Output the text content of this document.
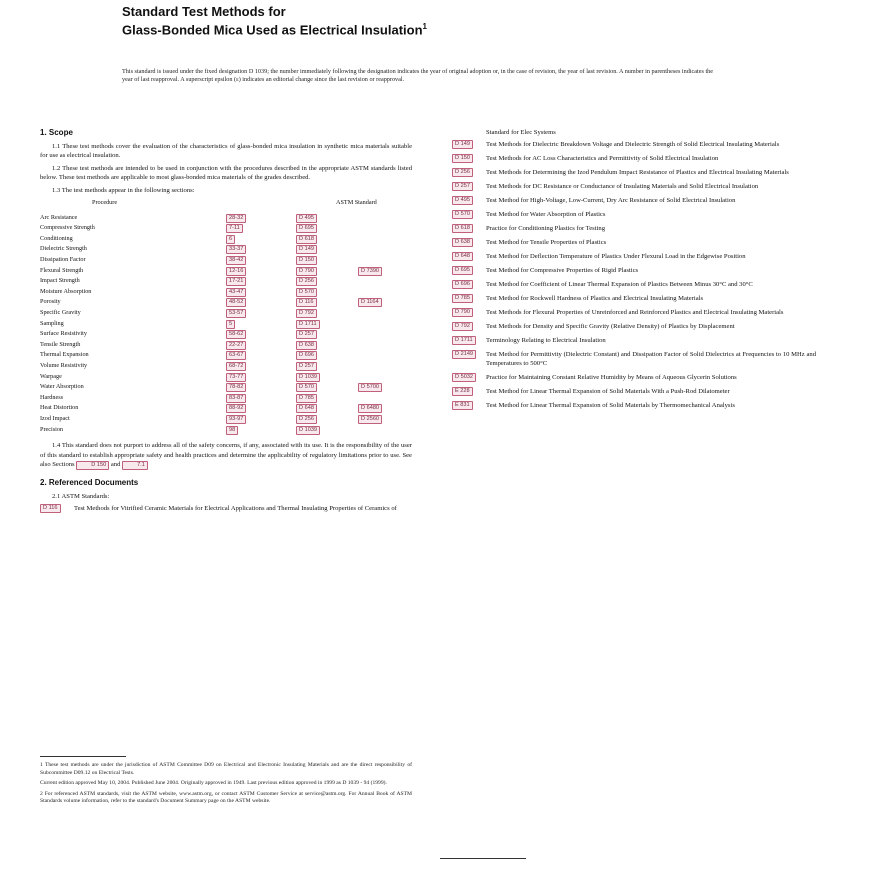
Standard Test Methods for
Glass-Bonded Mica Used as Electrical Insulation$^1$
This standard is issued under the fixed designation D 1039; the number immediately following the designation indicates the year of original adoption or, in the case of revision, the year of last revision. A number in parentheses indicates the year of last reapproval. A superscript epsilon (ε) indicates an editorial change since the last revision or reapproval.
1. Scope

1.1 These test methods cover the evaluation of the characteristics of glass-bonded mica insulation in synthetic mica materials suitable for use as electrical insulation.

1.2 These test methods are intended to be used in conjunction with the procedures described in the appropriate ASTM standards listed below. These test methods are applicable to most glass-bonded mica materials of the grades described.

1.3 The test methods appear in the following sections:

Procedure	ASTM Standard
Arc Resistance	28-32	D 495
Compressive Strength	7-11	D 695
Conditioning	6	D 618
Dielectric Strength	33-37	D 149
Dissipation Factor	38-42	D 150
Flexural Strength	12-16	D 790	D 7390
Impact Strength	17-21	D 256
Moisture Absorption	43-47	D 570
Porosity	48-52	D 116	D 1164
Specific Gravity	53-57	D 792
Sampling	5	D 1711
Surface Resistivity	58-62	D 257
Tensile Strength	22-27	D 638
Thermal Expansion	63-67	D 696
Volume Resistivity	68-72	D 257
Warpage	73-77	D 1039
Water Absorption	78-82	D 570	D 5700
Hardness	83-87	D 785
Heat Distortion	88-92	D 648	D 6480
Izod Impact	93-97	D 256	D 2560
Precision	98	D 1039

1.4 This standard does not purport to address all of the safety concerns, if any, associated with its use. It is the responsibility of the user of this standard to establish appropriate safety and health practices and determine the applicability of regulatory limitations prior to use. See also Sections	D 150 and	7.1

2. Referenced Documents

2.1 ASTM Standards:

D 116	Test Methods for Vitrified Ceramic Materials for Electrical Applications and Thermal Insulating Properties of Ceramics of

1 These test methods are under the jurisdiction of ASTM Committee D09 on Electrical and Electronic Insulating Materials and are the direct responsibility of Subcommittee D09.12 on Electrical Tests.

Current edition approved May 10, 2004. Published June 2004. Originally approved in 1949. Last previous edition approved in 1999 as D 1039 - 94 (1999).

2 For referenced ASTM standards, visit the ASTM website, www.astm.org, or contact ASTM Customer Service at service@astm.org. For Annual Book of ASTM Standards volume information, refer to the standard's Document Summary page on the ASTM website.

Standard for Elec Systems

D 149	Test Methods for Dielectric Breakdown Voltage and Dielectric Strength of Solid Electrical Insulating Materials
D 150	Test Methods for AC Loss Characteristics and Permittivity of Solid Electrical Insulation
D 256	Test Methods for Determining the Izod Pendulum Impact Resistance of Plastics and Electrical Insulating Materials
D 257	Test Methods for DC Resistance or Conductance of Insulating Materials and Solid Electrical Insulation
D 495	Test Method for High-Voltage, Low-Current, Dry Arc Resistance of Solid Electrical Insulation
D 570	Test Method for Water Absorption of Plastics
D 618	Practice for Conditioning Plastics for Testing
D 638	Test Method for Tensile Properties of Plastics
D 648	Test Method for Deflection Temperature of Plastics Under Flexural Load in the Edgewise Position
D 695	Test Method for Compressive Properties of Rigid Plastics
D 696	Test Method for Coefficient of Linear Thermal Expansion of Plastics Between Minus 30°C and 30°C
D 785	Test Method for Rockwell Hardness of Plastics and Electrical Insulating Materials
D 790	Test Methods for Flexural Properties of Unreinforced and Reinforced Plastics and Electrical Insulating Materials
D 792	Test Methods for Density and Specific Gravity (Relative Density) of Plastics by Displacement
D 1711	Terminology Relating to Electrical Insulation
D 2149	Test Method for Permittivity (Dielectric Constant) and Dissipation Factor of Solid Dielectrics at Frequencies to 10 MHz and Temperatures to 500°C
D 5032	Practice for Maintaining Constant Relative Humidity by Means of Aqueous Glycerin Solutions
E 228	Test Method for Linear Thermal Expansion of Solid Materials With a Push-Rod Dilatometer
E 831	Test Method for Linear Thermal Expansion of Solid Materials by Thermomechanical Analysis
